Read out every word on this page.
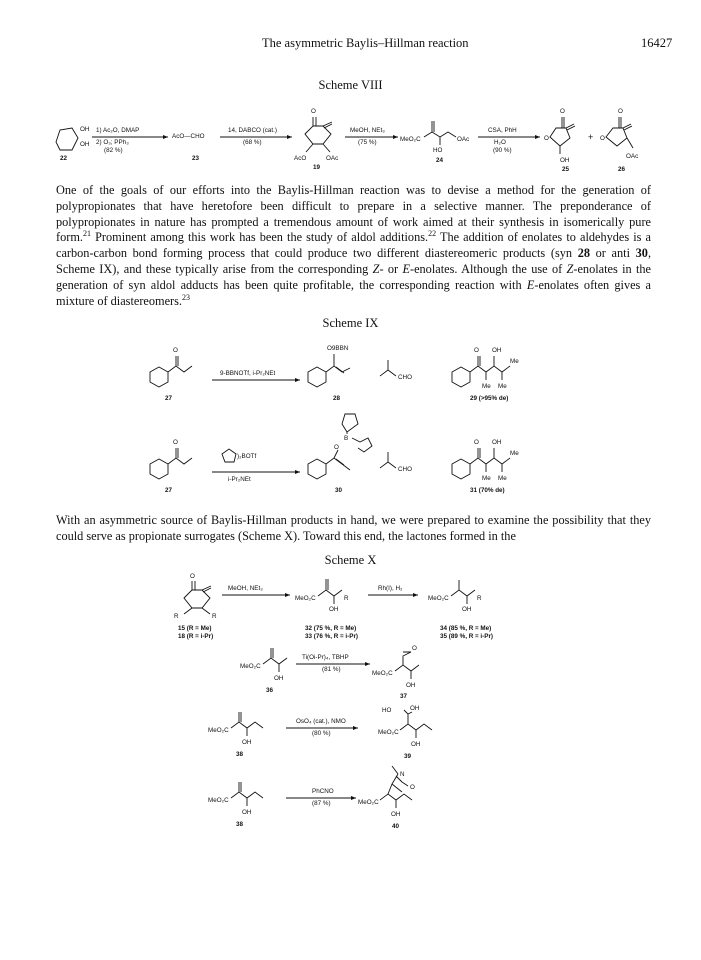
The asymmetric Baylis–Hillman reaction	16427
Scheme VIII
OH
OH
22
1) Ac₂O, DMAP
2) O₃; PPh₃
(82 %)
AcO—CHO
23
14, DABCO (cat.)
(68 %)
O
AcO	OAc
19
MeOH, NEt₃
(75 %)	MeO₂C	OAc
HO
24
CSA, PhH
H₂O
(90 %)
O
O
OH
25
+ O
O
OAc
26
One of the goals of our efforts into the Baylis-Hillman reaction was to devise a method for the generation of polypropionates that have heretofore been difficult to prepare in a selective manner. The preponderance of polypropionates in nature has prompted a tremendous amount of work aimed at their synthesis in isomerically pure form.$^{21}$ Prominent among this work has been the study of aldol additions.$^{22}$ The addition of enolates to aldehydes is a carbon-carbon bond forming process that could produce two different diastereomeric products (syn 28 or anti 30, Scheme IX), and these typically arise from the corresponding Z- or E-enolates. Although the use of Z-enolates in the generation of syn aldol adducts has been quite profitable, the corresponding reaction with E-enolates often gives a mixture of diastereomers.$^{23}$
Scheme IX
O
27
9-BBNOTf, i-Pr₂NEt
O9BBN
28
CHO
O OH
Me
Me Me
29 (>95% de)
O
27
)₂BOTf
i-Pr₂NEt
O
B
30
CHO
O OH
Me
Me Me
31 (70% de)
With an asymmetric source of Baylis-Hillman products in hand, we were prepared to examine the possibility that they could serve as propionate surrogates (Scheme X). Toward this end, the lactones formed in the
Scheme X
O
R	R
15 (R = Me)
18 (R = i-Pr)
MeOH, NEt₃
MeO₂C	R
OH
32 (75 %, R = Me)
33 (76 %, R = i-Pr)
Rh(I), H₂
MeO₂C	R
OH
34 (85 %, R = Me)
35 (89 %, R = i-Pr)
MeO₂C
OH
36
Ti(Oi-Pr)₄, TBHP
(81 %)
MeO₂C
O
OH
37
MeO₂C
OH
38
OsO₄ (cat.), NMO
(80 %)
HO	OH
MeO₂C
OH
39
MeO₂C
OH
38
PhCNO
(87 %)
N
O
MeO₂C
OH
40
